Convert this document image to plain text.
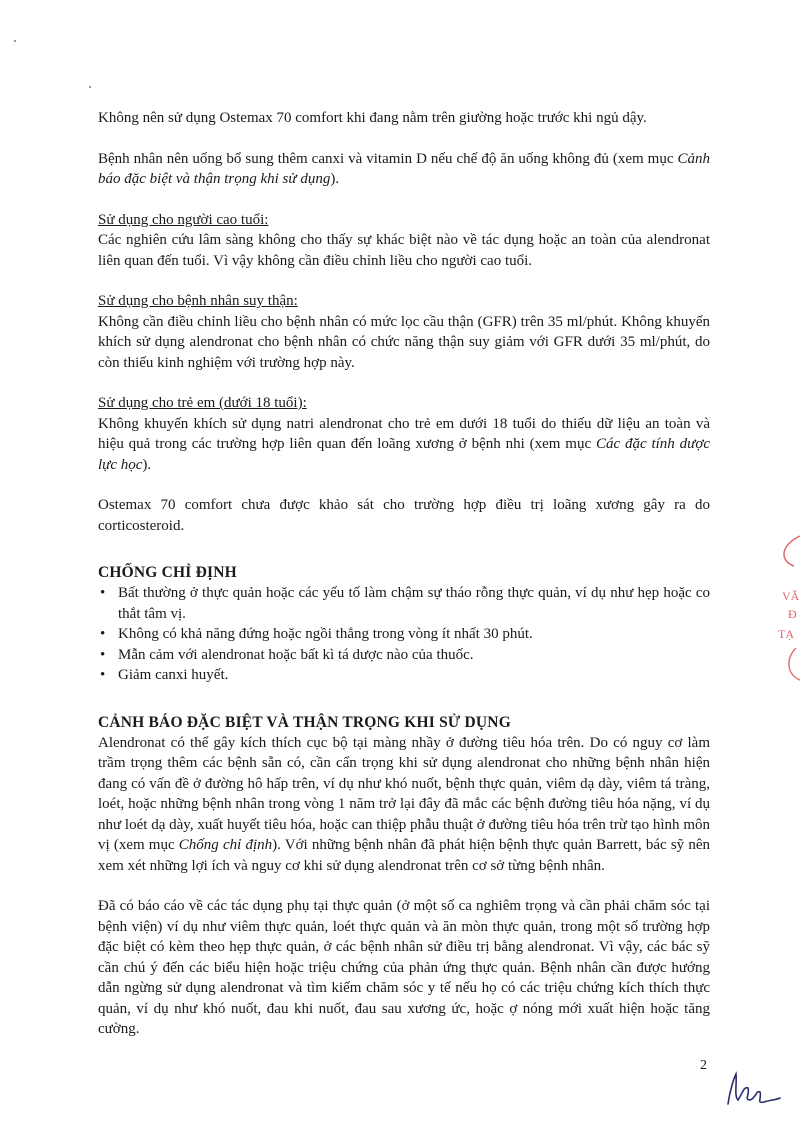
Không nên sử dụng Ostemax 70 comfort khi đang nằm trên giường hoặc trước khi ngủ dậy.

Bệnh nhân nên uống bổ sung thêm canxi và vitamin D nếu chế độ ăn uống không đủ (xem mục Cảnh báo đặc biệt và thận trọng khi sử dụng).

Sử dụng cho người cao tuổi:

Các nghiên cứu lâm sàng không cho thấy sự khác biệt nào về tác dụng hoặc an toàn của alendronat liên quan đến tuổi. Vì vậy không cần điều chỉnh liều cho người cao tuổi.

Sử dụng cho bệnh nhân suy thận:

Không cần điều chỉnh liều cho bệnh nhân có mức lọc cầu thận (GFR) trên 35 ml/phút. Không khuyến khích sử dụng alendronat cho bệnh nhân có chức năng thận suy giảm với GFR dưới 35 ml/phút, do còn thiếu kinh nghiệm với trường hợp này.

Sử dụng cho trẻ em (dưới 18 tuổi):

Không khuyến khích sử dụng natri alendronat cho trẻ em dưới 18 tuổi do thiếu dữ liệu an toàn và hiệu quả trong các trường hợp liên quan đến loãng xương ở bệnh nhi (xem mục Các đặc tính dược lực học).

Ostemax 70 comfort chưa được khảo sát cho trường hợp điều trị loãng xương gây ra do corticosteroid.

CHỐNG CHỈ ĐỊNH
• Bất thường ở thực quản hoặc các yếu tố làm chậm sự tháo rỗng thực quản, ví dụ như hẹp hoặc co thắt tâm vị.
• Không có khả năng đứng hoặc ngồi thẳng trong vòng ít nhất 30 phút.
• Mẫn cảm với alendronat hoặc bất kì tá dược nào của thuốc.
• Giảm canxi huyết.
CẢNH BÁO ĐẶC BIỆT VÀ THẬN TRỌNG KHI SỬ DỤNG

Alendronat có thể gây kích thích cục bộ tại màng nhầy ở đường tiêu hóa trên. Do có nguy cơ làm trầm trọng thêm các bệnh sẵn có, cần cẩn trọng khi sử dụng alendronat cho những bệnh nhân hiện đang có vấn đề ở đường hô hấp trên, ví dụ như khó nuốt, bệnh thực quản, viêm dạ dày, viêm tá tràng, loét, hoặc những bệnh nhân trong vòng 1 năm trở lại đây đã mắc các bệnh đường tiêu hóa nặng, ví dụ như loét dạ dày, xuất huyết tiêu hóa, hoặc can thiệp phẫu thuật ở đường tiêu hóa trên trừ tạo hình môn vị (xem mục Chống chỉ định). Với những bệnh nhân đã phát hiện bệnh thực quản Barrett, bác sỹ nên xem xét những lợi ích và nguy cơ khi sử dụng alendronat trên cơ sở từng bệnh nhân.

Đã có báo cáo về các tác dụng phụ tại thực quản (ở một số ca nghiêm trọng và cần phải chăm sóc tại bệnh viện) ví dụ như viêm thực quản, loét thực quản và ăn mòn thực quản, trong một số trường hợp đặc biệt có kèm theo hẹp thực quản, ở các bệnh nhân sử điều trị bằng alendronat. Vì vậy, các bác sỹ cần chú ý đến các biểu hiện hoặc triệu chứng của phản ứng thực quản. Bệnh nhân cần được hướng dẫn ngừng sử dụng alendronat và tìm kiếm chăm sóc y tế nếu họ có các triệu chứng kích thích thực quản, ví dụ như khó nuốt, đau khi nuốt, đau sau xương ức, hoặc ợ nóng mới xuất hiện hoặc tăng cường.

VĂ
Đ
TẠ
2
